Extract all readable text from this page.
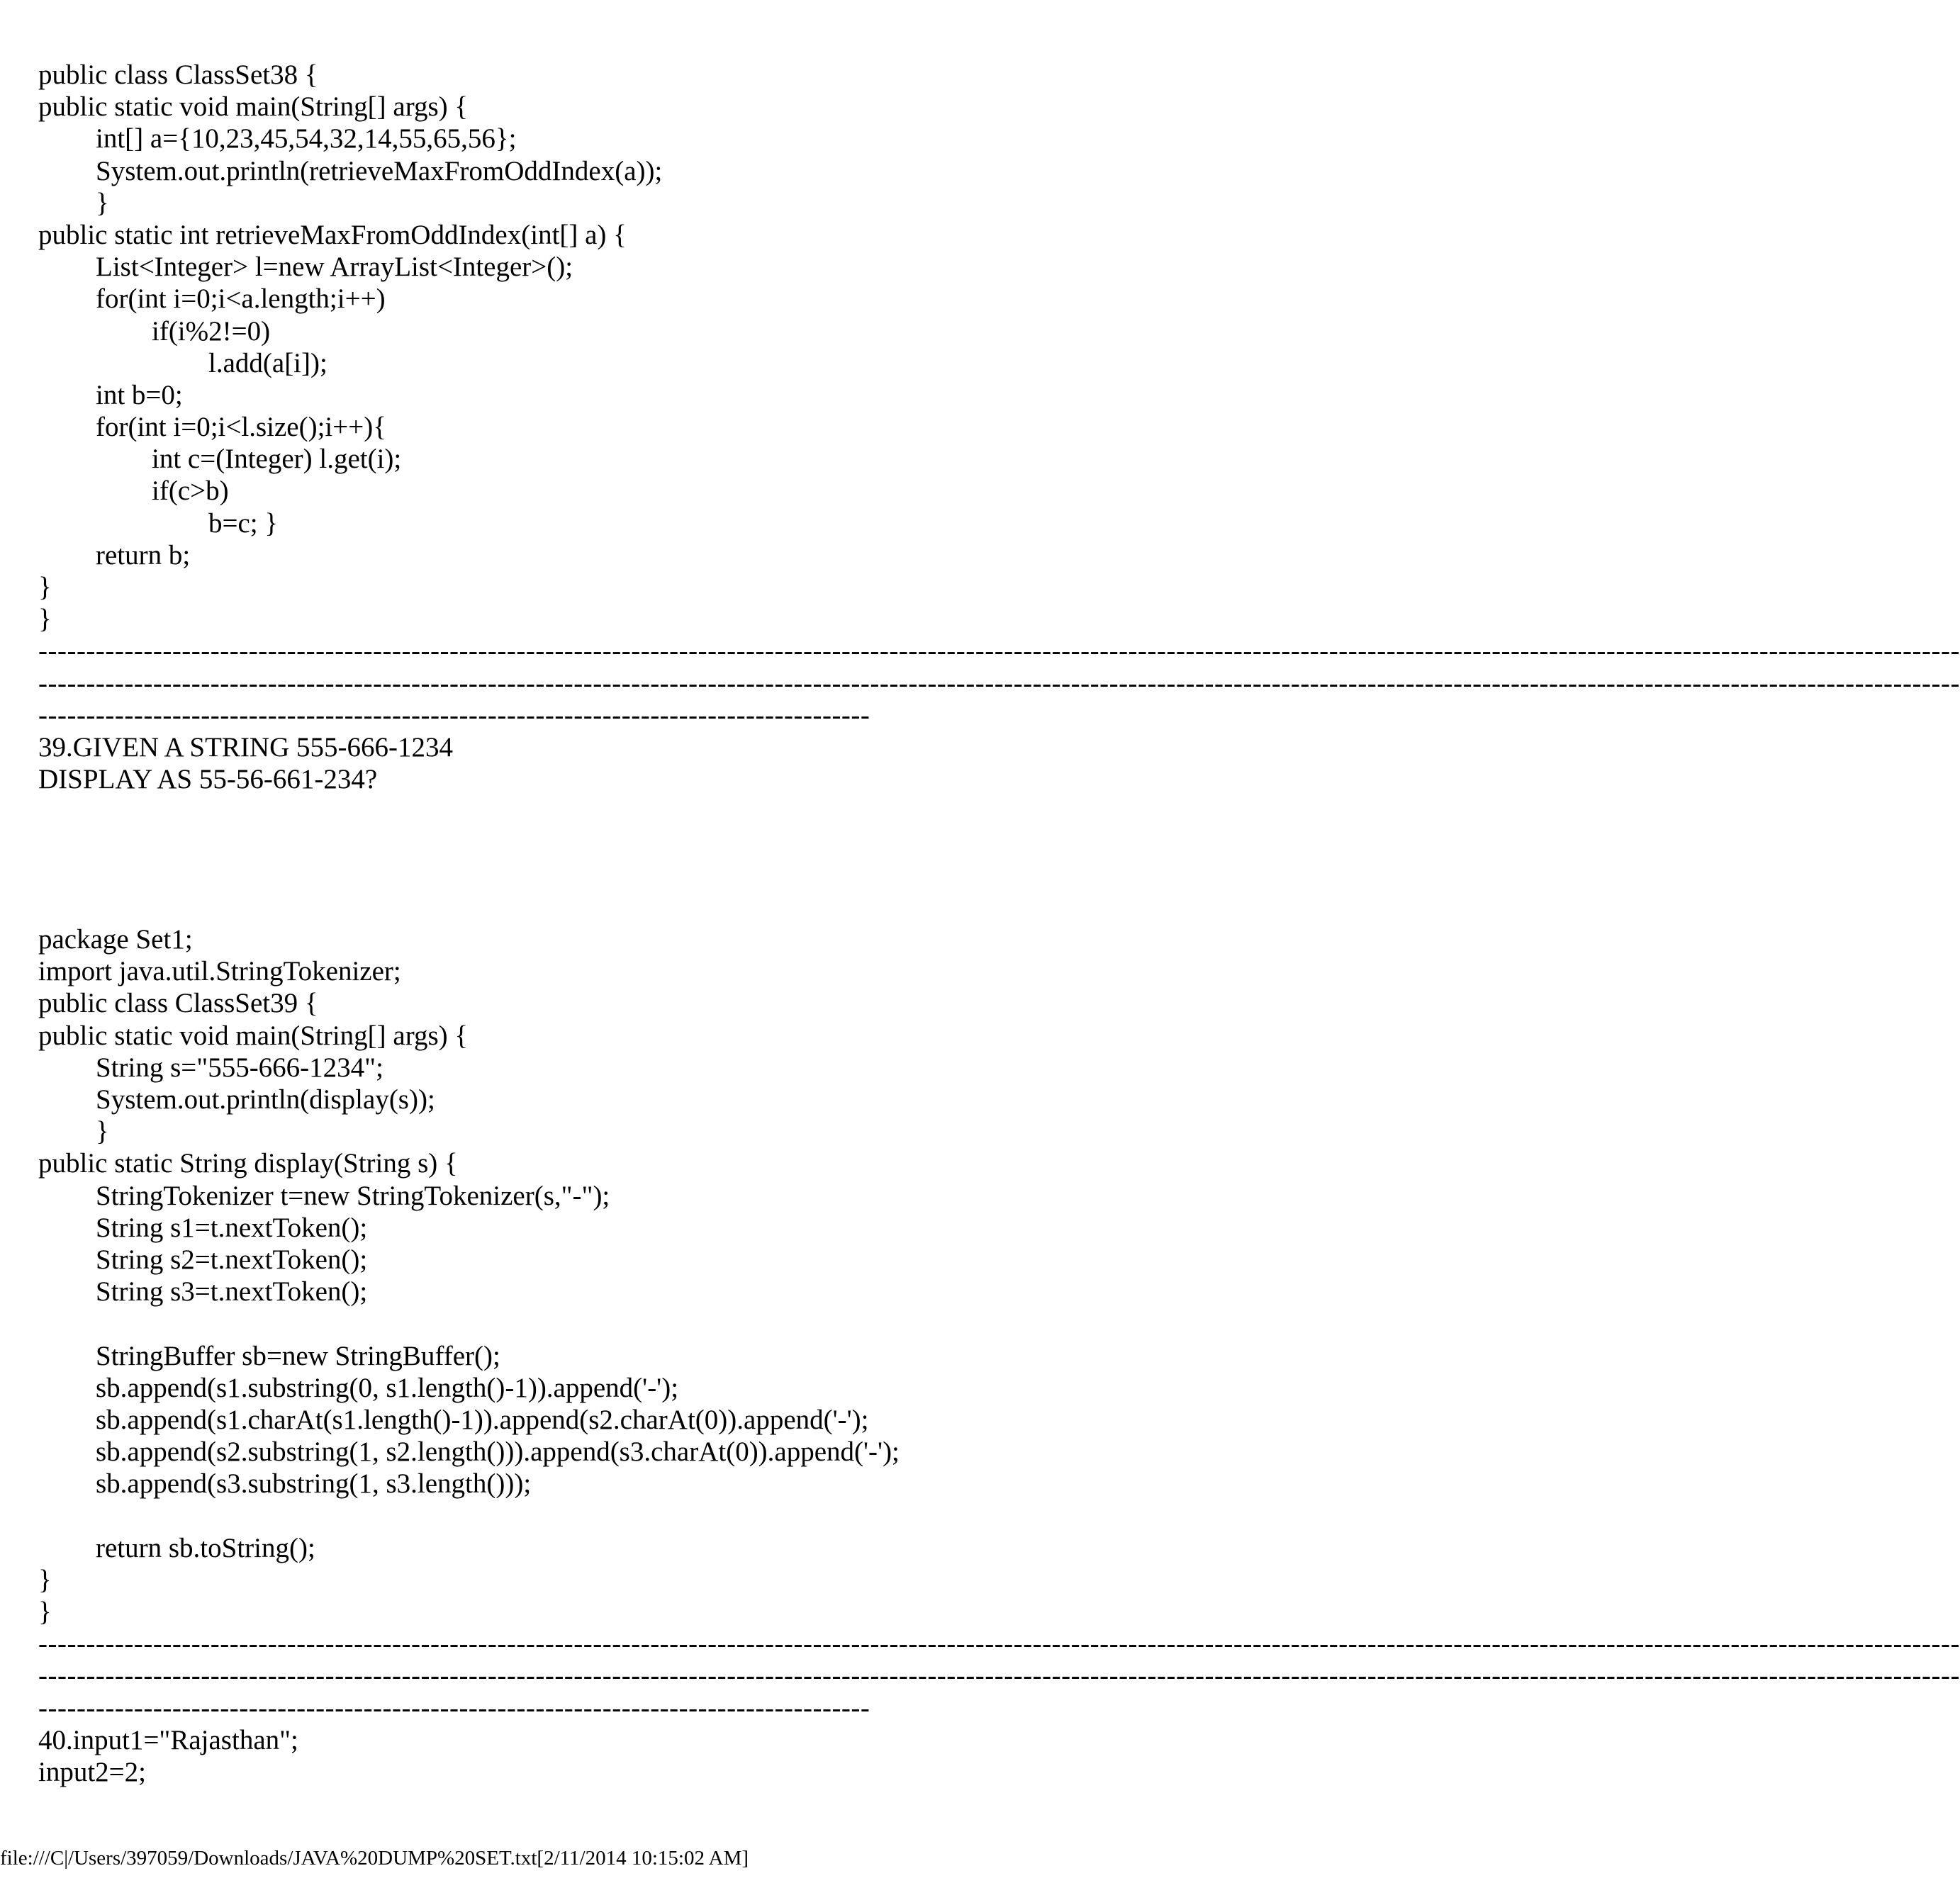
public class ClassSet38 {
public static void main(String[] args) {
int[] a={10,23,45,54,32,14,55,65,56};
System.out.println(retrieveMaxFromOddIndex(a));
}
public static int retrieveMaxFromOddIndex(int[] a) {
List<Integer> l=new ArrayList<Integer>();
for(int i=0;i<a.length;i++)
if(i%2!=0)
l.add(a[i]);
int b=0;
for(int i=0;i<l.size();i++){
int c=(Integer) l.get(i);
if(c>b)
b=c; }
return b;
}
}
---------------------------------------------------------------------------------------------------------------------------------------------------------------------------------------------------------
---------------------------------------------------------------------------------------------------------------------------------------------------------------------------------------------------------
---------------------------------------------------------------------------------------
39.GIVEN A STRING 555-666-1234
DISPLAY AS 55-56-661-234?
package Set1;
import java.util.StringTokenizer;
public class ClassSet39 {
public static void main(String[] args) {
String s="555-666-1234";
System.out.println(display(s));
}
public static String display(String s) {
StringTokenizer t=new StringTokenizer(s,"-");
String s1=t.nextToken();
String s2=t.nextToken();
String s3=t.nextToken();
StringBuffer sb=new StringBuffer();
sb.append(s1.substring(0, s1.length()-1)).append('-');
sb.append(s1.charAt(s1.length()-1)).append(s2.charAt(0)).append('-');
sb.append(s2.substring(1, s2.length())).append(s3.charAt(0)).append('-');
sb.append(s3.substring(1, s3.length()));
return sb.toString();
}
}
---------------------------------------------------------------------------------------------------------------------------------------------------------------------------------------------------------
---------------------------------------------------------------------------------------------------------------------------------------------------------------------------------------------------------
---------------------------------------------------------------------------------------
40.input1="Rajasthan";
input2=2;
file:///C|/Users/397059/Downloads/JAVA%20DUMP%20SET.txt[2/11/2014 10:15:02 AM]
